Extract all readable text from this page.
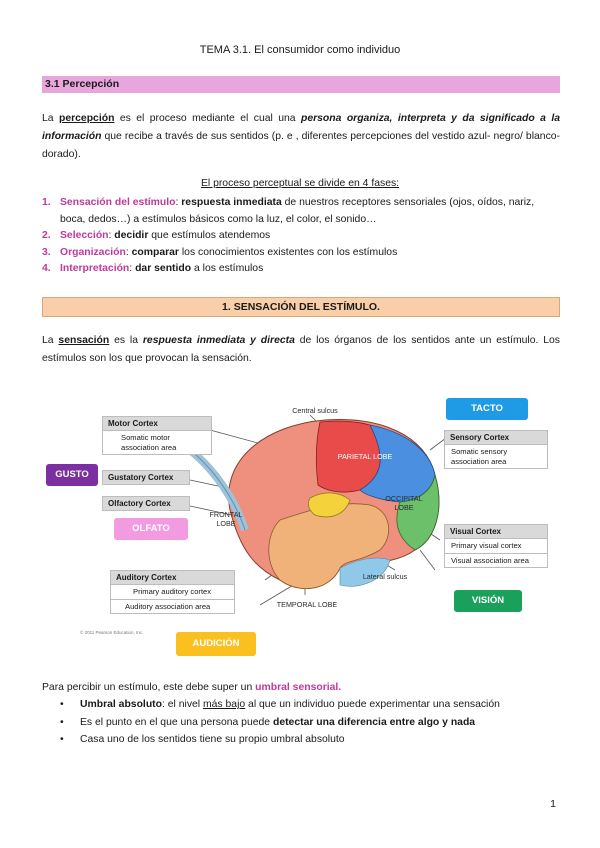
TEMA 3.1. El consumidor como individuo
3.1 Percepción
La percepción es el proceso mediante el cual una persona organiza, interpreta y da significado a la información que recibe a través de sus sentidos (p. e , diferentes percepciones del vestido azul- negro/ blanco-dorado).
El proceso perceptual se divide en 4 fases:
1. Sensación del estímulo: respuesta inmediata de nuestros receptores sensoriales (ojos, oídos, nariz, boca, dedos…) a estímulos básicos como la luz, el color, el sonido…
2. Selección: decidir que estímulos atendemos
3. Organización: comparar los conocimientos existentes con los estímulos
4. Interpretación: dar sentido a los estímulos
1. SENSACIÓN DEL ESTÍMULO.
La sensación es la respuesta inmediata y directa de los órganos de los sentidos ante un estímulo. Los estímulos son los que provocan la sensación.
Motor Cortex
Somatic motor association area
Gustatory Cortex
Olfactory Cortex
Auditory Cortex
Primary auditory cortex
Auditory association area
Sensory Cortex
Somatic sensory association area
Visual Cortex
Primary visual cortex
Visual association area
Central sulcus
PARIETAL LOBE
FRONTAL LOBE
OCCIPITAL LOBE
TEMPORAL LOBE
Lateral sulcus
© 2011 Pearson Education, Inc.
GUSTO
OLFATO
AUDICIÓN
TACTO
VISIÓN
Para percibir un estímulo, este debe super un umbral sensorial.
• Umbral absoluto: el nivel más bajo al que un individuo puede experimentar una sensación
• Es el punto en el que una persona puede detectar una diferencia entre algo y nada
• Casa uno de los sentidos tiene su propio umbral absoluto
1
